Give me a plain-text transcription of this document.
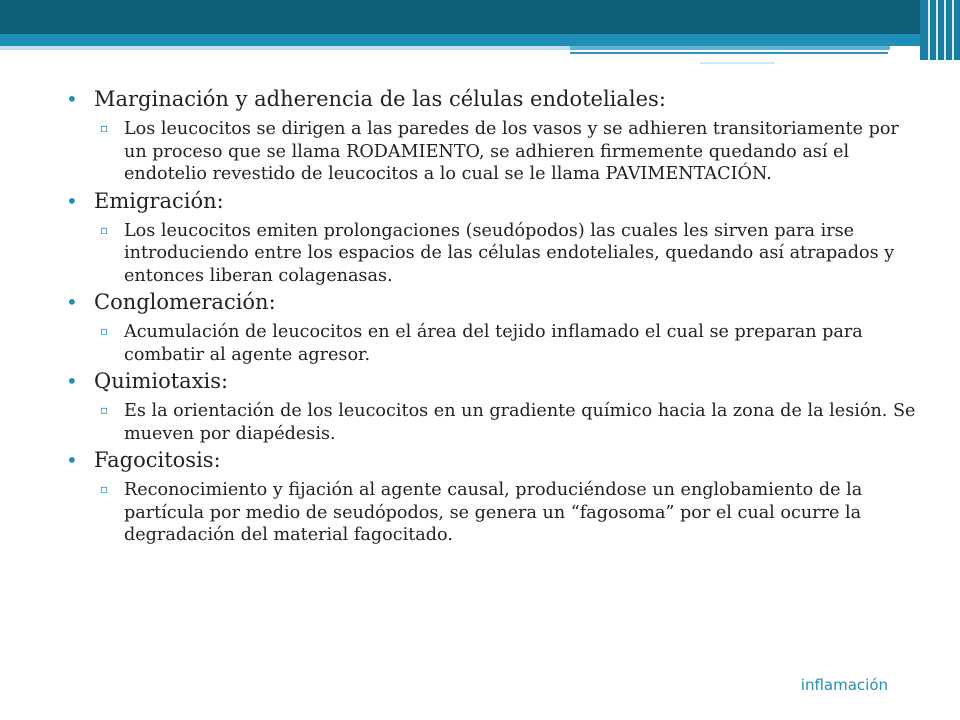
• Marginación y adherencia de las células endoteliales:
▫ Los leucocitos se dirigen a las paredes de los vasos y se adhieren transitoriamente por un proceso que se llama RODAMIENTO, se adhieren firmemente quedando así el endotelio revestido de leucocitos a lo cual se le llama PAVIMENTACIÓN.
• Emigración:
▫ Los leucocitos emiten prolongaciones (seudópodos) las cuales les sirven para irse introduciendo entre los espacios de las células endoteliales, quedando así atrapados y entonces liberan colagenasas.
• Conglomeración:
▫ Acumulación de leucocitos en el área del tejido inflamado el cual se preparan para combatir al agente agresor.
• Quimiotaxis:
▫ Es la orientación de los leucocitos en un gradiente químico hacia la zona de la lesión. Se mueven por diapédesis.
• Fagocitosis:
▫ Reconocimiento y fijación al agente causal, produciéndose un englobamiento de la partícula por medio de seudópodos, se genera un “fagosoma” por el cual ocurre la degradación del material fagocitado.
inflamación
